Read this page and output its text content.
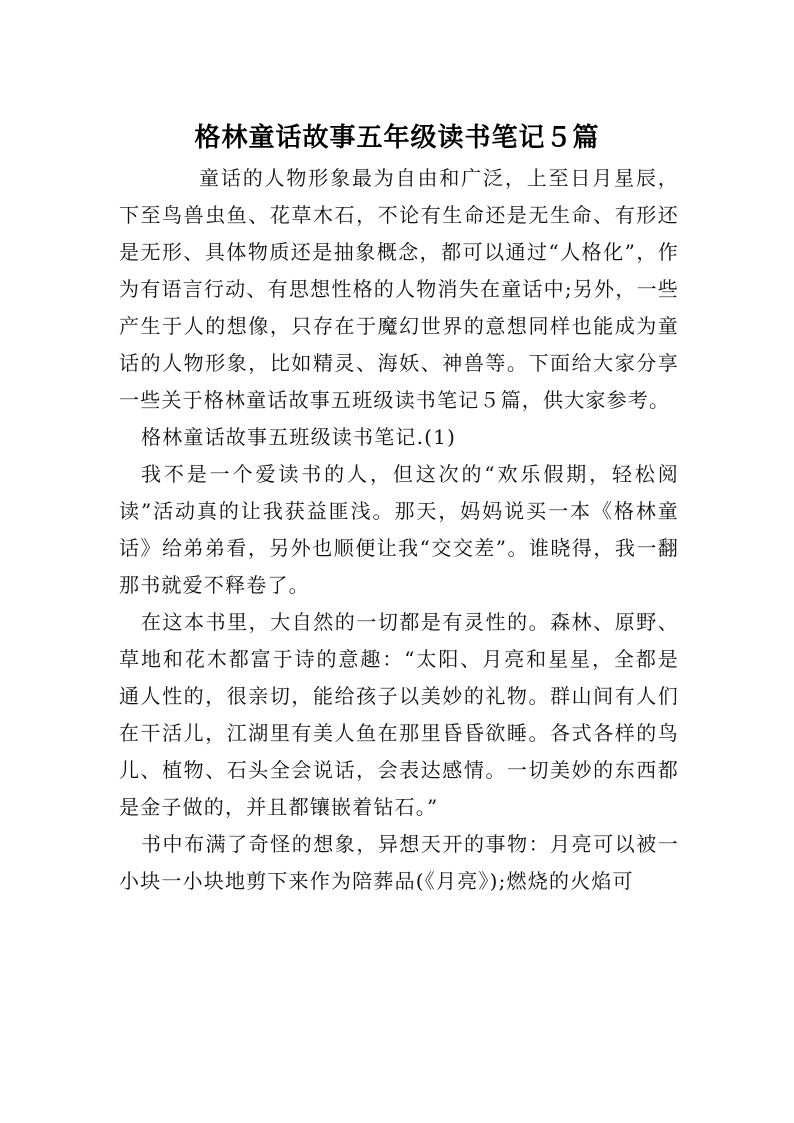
格林童话故事五年级读书笔记５篇

童话的人物形象最为自由和广泛，上至日月星辰，下至鸟兽虫鱼、花草木石，不论有生命还是无生命、有形还是无形、具体物质还是抽象概念，都可以通过“人格化”，作为有语言行动、有思想性格的人物消失在童话中;另外，一些产生于人的想像，只存在于魔幻世界的意想同样也能成为童话的人物形象，比如精灵、海妖、神兽等。下面给大家分享一些关于格林童话故事五班级读书笔记５篇，供大家参考。

格林童话故事五班级读书笔记.(1)

我不是一个爱读书的人，但这次的“欢乐假期，轻松阅读”活动真的让我获益匪浅。那天，妈妈说买一本《格林童话》给弟弟看，另外也顺便让我“交交差”。谁晓得，我一翻那书就爱不释卷了。

在这本书里，大自然的一切都是有灵性的。森林、原野、草地和花木都富于诗的意趣：“太阳、月亮和星星，全都是通人性的，很亲切，能给孩子以美妙的礼物。群山间有人们在干活儿，江湖里有美人鱼在那里昏昏欲睡。各式各样的鸟儿、植物、石头全会说话，会表达感情。一切美妙的东西都是金子做的，并且都镶嵌着钻石。”

书中布满了奇怪的想象，异想天开的事物：月亮可以被一小块一小块地剪下来作为陪葬品(《月亮》);燃烧的火焰可
